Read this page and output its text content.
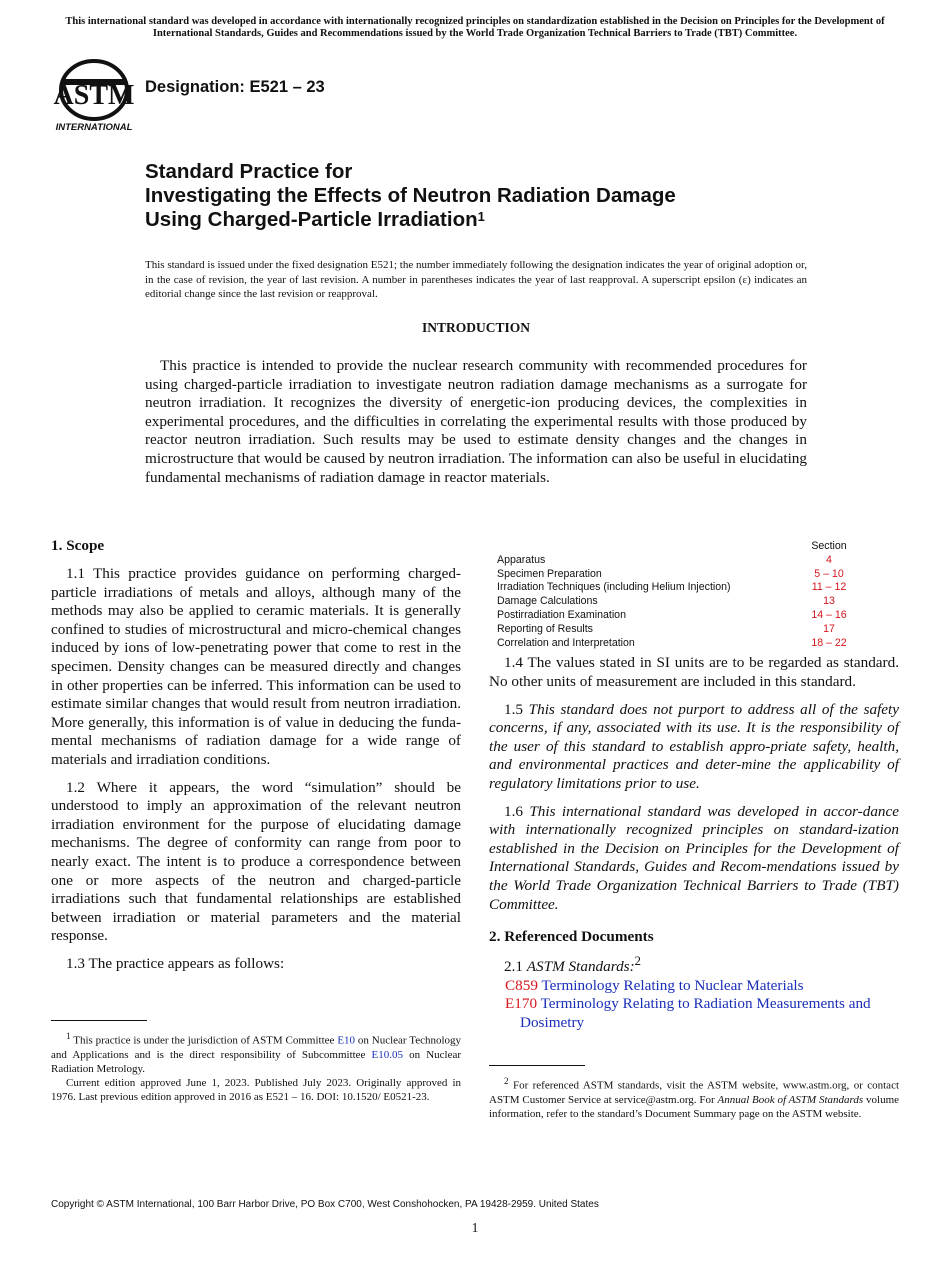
This international standard was developed in accordance with internationally recognized principles on standardization established in the Decision on Principles for the Development of International Standards, Guides and Recommendations issued by the World Trade Organization Technical Barriers to Trade (TBT) Committee.
ASTM
INTERNATIONAL
Designation: E521 – 23
Standard Practice for
Investigating the Effects of Neutron Radiation Damage
Using Charged-Particle Irradiation$^1$
This standard is issued under the fixed designation E521; the number immediately following the designation indicates the year of original adoption or, in the case of revision, the year of last revision. A number in parentheses indicates the year of last reapproval. A superscript epsilon (ε) indicates an editorial change since the last revision or reapproval.
INTRODUCTION

This practice is intended to provide the nuclear research community with recommended procedures for using charged-particle irradiation to investigate neutron radiation damage mechanisms as a surrogate for neutron irradiation. It recognizes the diversity of energetic-ion producing devices, the complexities in experimental procedures, and the difficulties in correlating the experimental results with those produced by reactor neutron irradiation. Such results may be used to estimate density changes and the changes in microstructure that would be caused by neutron irradiation. The information can also be useful in elucidating fundamental mechanisms of radiation damage in reactor materials.

1. Scope

1.1 This practice provides guidance on performing charged-particle irradiations of metals and alloys, although many of the methods may also be applied to ceramic materials. It is generally confined to studies of microstructural and micro-chemical changes induced by ions of low-penetrating power that come to rest in the specimen. Density changes can be measured directly and changes in other properties can be inferred. This information can be used to estimate similar changes that would result from neutron irradiation. More generally, this information is of value in deducing the funda-mental mechanisms of radiation damage for a wide range of materials and irradiation conditions.

1.2 Where it appears, the word “simulation” should be understood to imply an approximation of the relevant neutron irradiation environment for the purpose of elucidating damage mechanisms. The degree of conformity can range from poor to nearly exact. The intent is to produce a correspondence between one or more aspects of the neutron and charged-particle irradiations such that fundamental relationships are established between irradiation or material parameters and the material response.

1.3 The practice appears as follows:

$^1$ This practice is under the jurisdiction of ASTM Committee E10 on Nuclear Technology and Applications and is the direct responsibility of Subcommittee E10.05 on Nuclear Radiation Metrology.

Current edition approved June 1, 2023. Published July 2023. Originally approved in 1976. Last previous edition approved in 2016 as E521 – 16. DOI: 10.1520/ E0521-23.

Section
Apparatus	4
Specimen Preparation	5 – 10
Irradiation Techniques (including Helium Injection)	11 – 12
Damage Calculations	13
Postirradiation Examination	14 – 16
Reporting of Results	17
Correlation and Interpretation	18 – 22

1.4 The values stated in SI units are to be regarded as standard. No other units of measurement are included in this standard.

1.5 This standard does not purport to address all of the safety concerns, if any, associated with its use. It is the responsibility of the user of this standard to establish appro-priate safety, health, and environmental practices and deter-mine the applicability of regulatory limitations prior to use.

1.6 This international standard was developed in accor-dance with internationally recognized principles on standard-ization established in the Decision on Principles for the Development of International Standards, Guides and Recom-mendations issued by the World Trade Organization Technical Barriers to Trade (TBT) Committee.

2. Referenced Documents

2.1 ASTM Standards:$^2$

C859 Terminology Relating to Nuclear Materials

E170 Terminology Relating to Radiation Measurements and Dosimetry

$^2$ For referenced ASTM standards, visit the ASTM website, www.astm.org, or contact ASTM Customer Service at service@astm.org. For Annual Book of ASTM Standards volume information, refer to the standard’s Document Summary page on the ASTM website.

Copyright © ASTM International, 100 Barr Harbor Drive, PO Box C700, West Conshohocken, PA 19428-2959. United States
1
